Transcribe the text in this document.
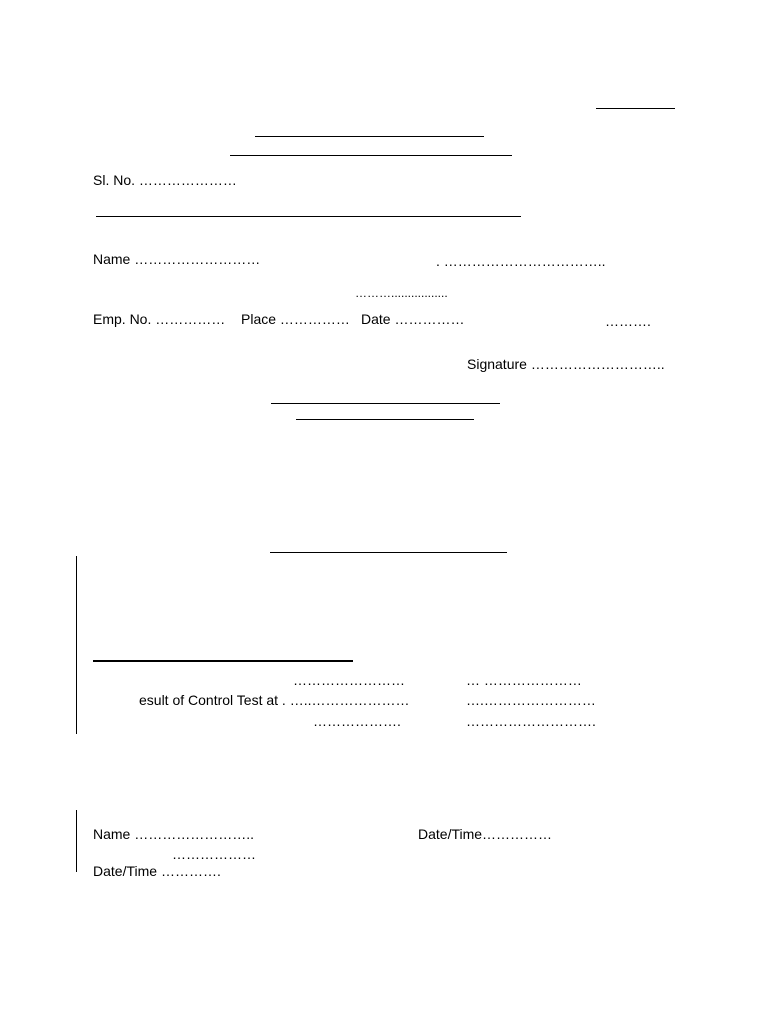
Sl. No. …………………
Name ………………………	. ……………………………..
……….................
Emp. No. …………… Place …………… Date ……………	……….
Signature ………………………..
……………………	… …………………
esult of Control Test at . …..…………………	….……………………
……………….	……………………….
Name ……………………..	Date/Time……………
………………
Date/Time ………….
